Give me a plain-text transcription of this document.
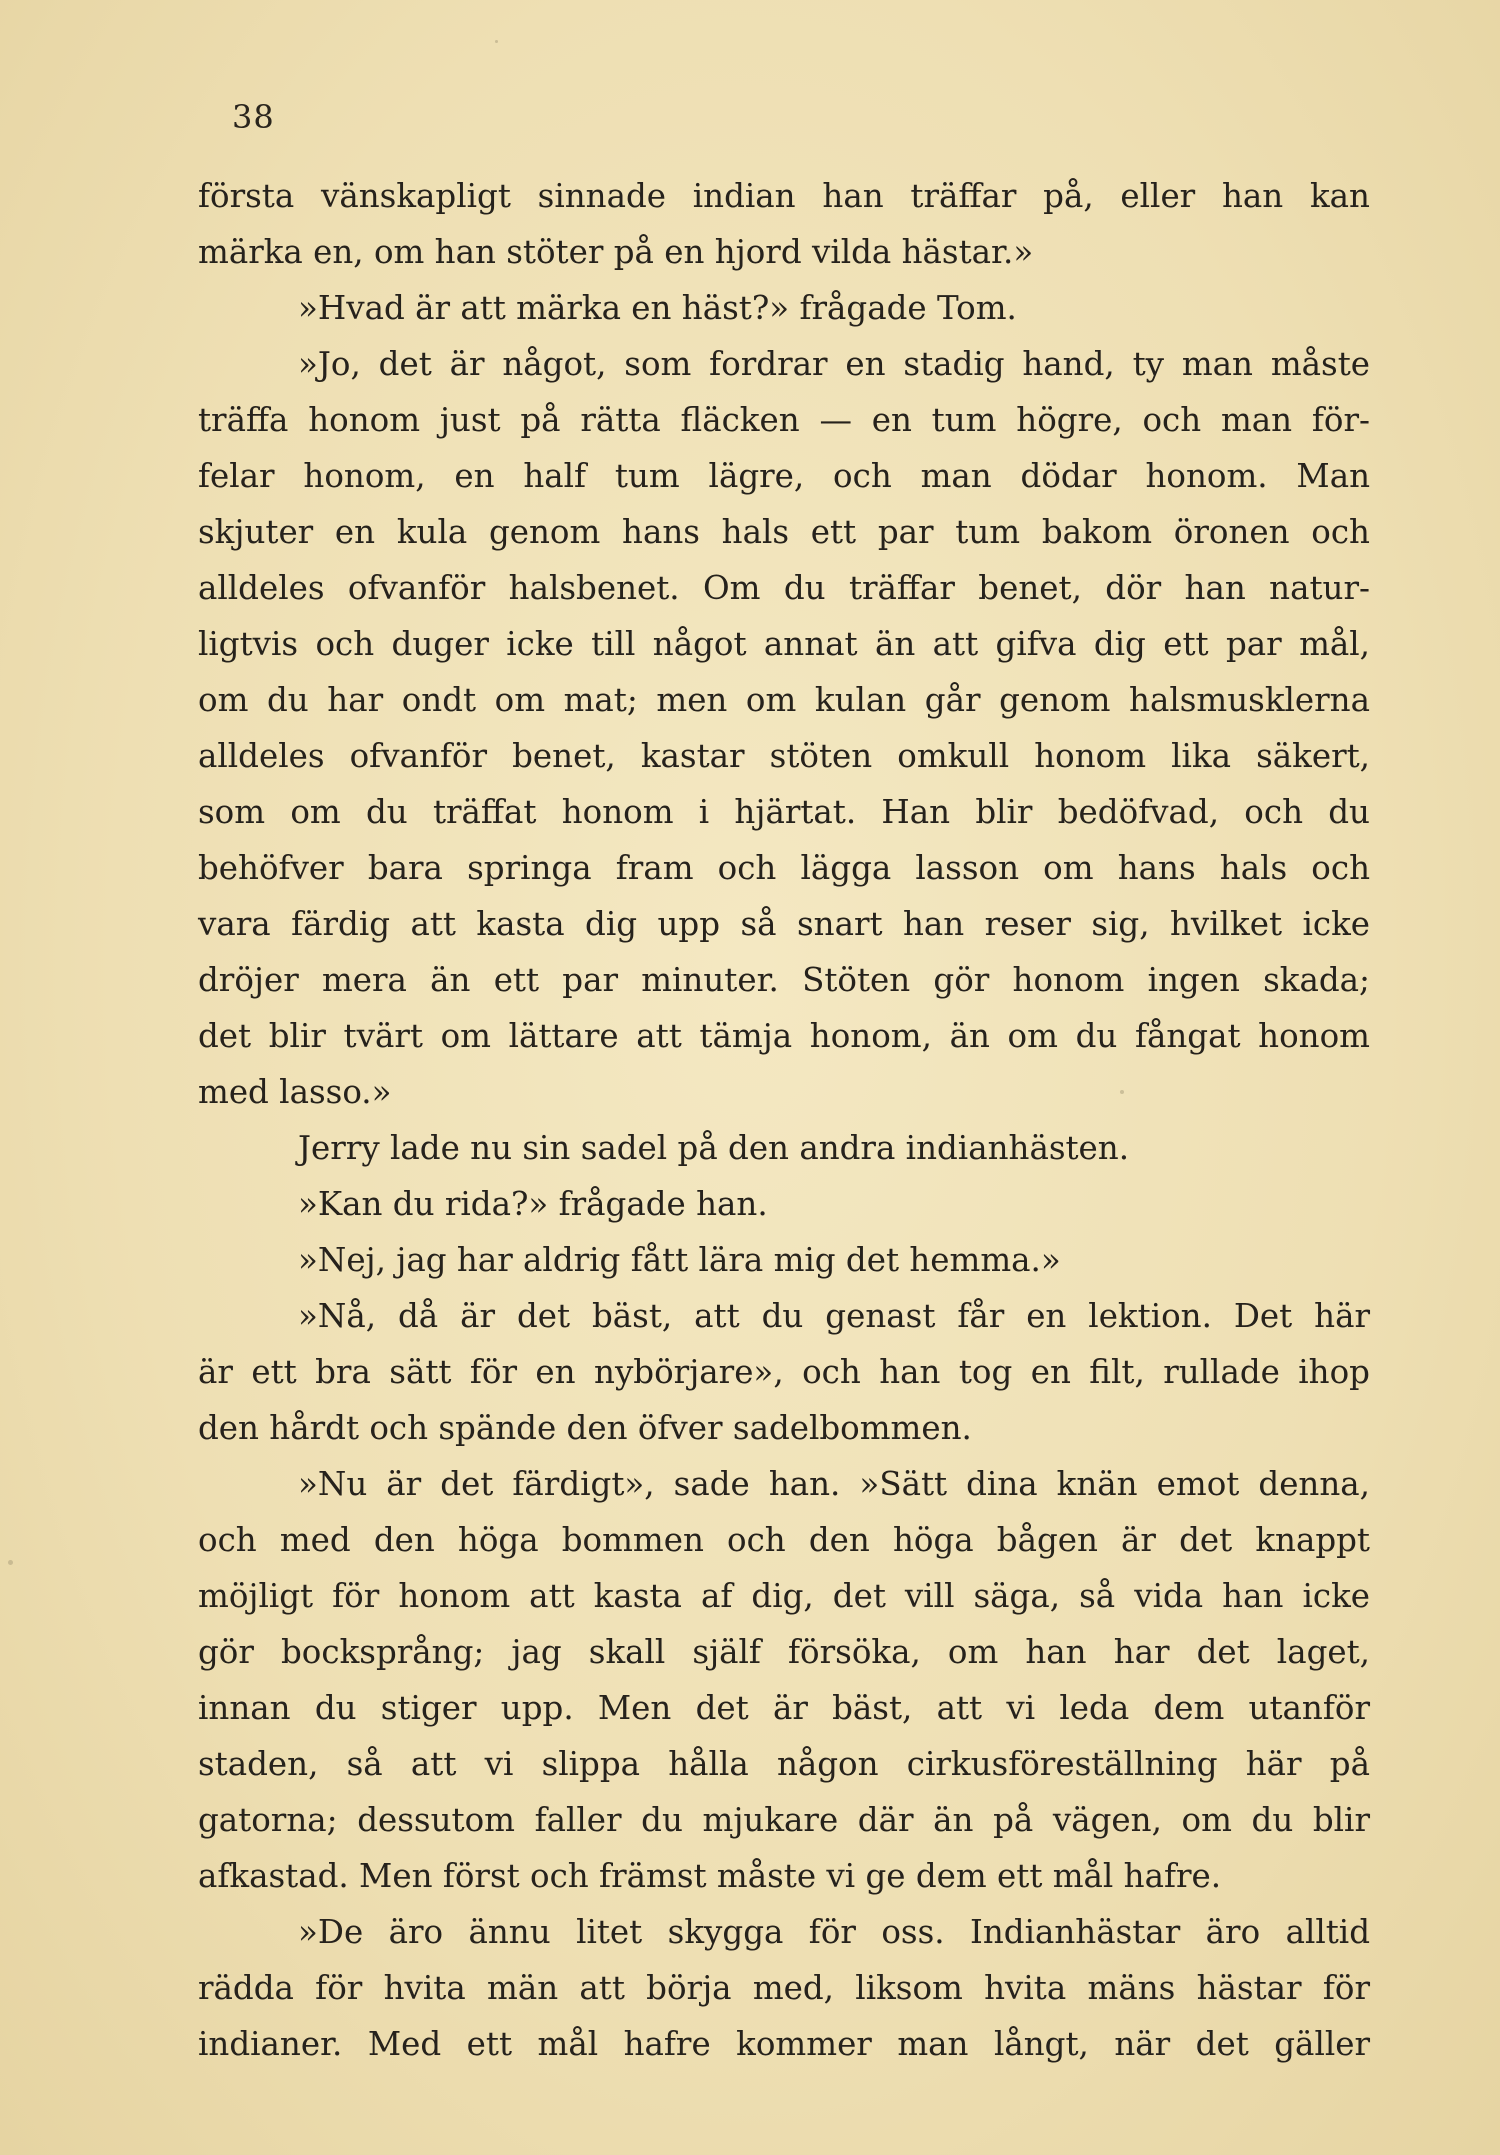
38
första vänskapligt sinnade indian han träffar på, eller han kan
märka en, om han stöter på en hjord vilda hästar.»
»Hvad är att märka en häst?» frågade Tom.
»Jo, det är något, som fordrar en stadig hand, ty man måste
träffa honom just på rätta fläcken — en tum högre, och man för-
felar honom, en half tum lägre, och man dödar honom. Man
skjuter en kula genom hans hals ett par tum bakom öronen och
alldeles ofvanför halsbenet. Om du träffar benet, dör han natur-
ligtvis och duger icke till något annat än att gifva dig ett par mål,
om du har ondt om mat; men om kulan går genom halsmusklerna
alldeles ofvanför benet, kastar stöten omkull honom lika säkert,
som om du träffat honom i hjärtat. Han blir bedöfvad, och du
behöfver bara springa fram och lägga lasson om hans hals och
vara färdig att kasta dig upp så snart han reser sig, hvilket icke
dröjer mera än ett par minuter. Stöten gör honom ingen skada;
det blir tvärt om lättare att tämja honom, än om du fångat honom
med lasso.»
Jerry lade nu sin sadel på den andra indianhästen.
»Kan du rida?» frågade han.
»Nej, jag har aldrig fått lära mig det hemma.»
»Nå, då är det bäst, att du genast får en lektion. Det här
är ett bra sätt för en nybörjare», och han tog en filt, rullade ihop
den hårdt och spände den öfver sadelbommen.
»Nu är det färdigt», sade han. »Sätt dina knän emot denna,
och med den höga bommen och den höga bågen är det knappt
möjligt för honom att kasta af dig, det vill säga, så vida han icke
gör bocksprång; jag skall själf försöka, om han har det laget,
innan du stiger upp. Men det är bäst, att vi leda dem utanför
staden, så att vi slippa hålla någon cirkusföreställning här på
gatorna; dessutom faller du mjukare där än på vägen, om du blir
afkastad. Men först och främst måste vi ge dem ett mål hafre.
»De äro ännu litet skygga för oss. Indianhästar äro alltid
rädda för hvita män att börja med, liksom hvita mäns hästar för
indianer. Med ett mål hafre kommer man långt, när det gäller
